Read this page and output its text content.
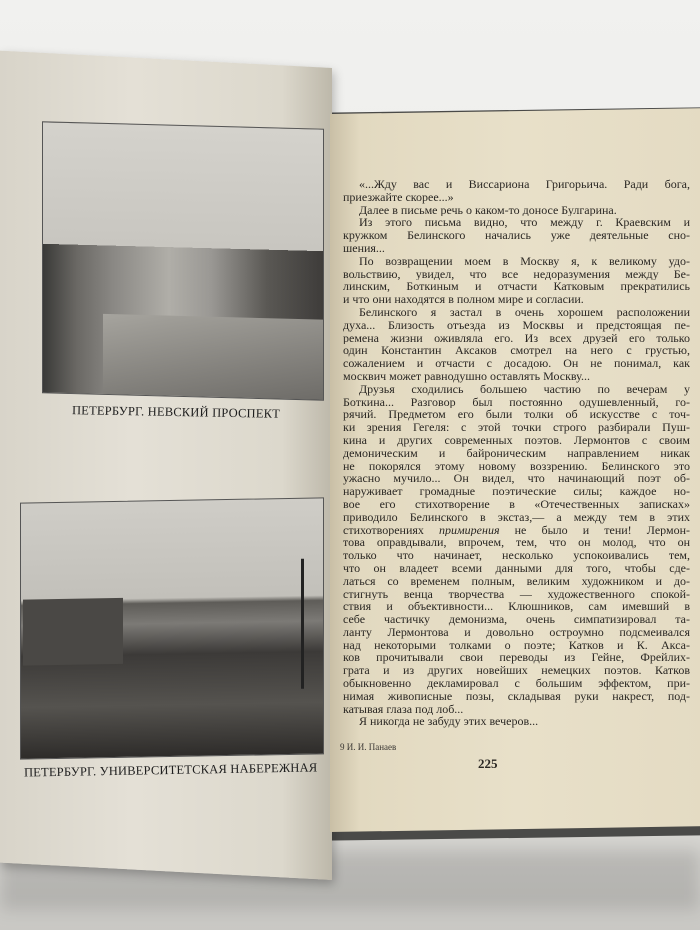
ПЕТЕРБУРГ. НЕВСКИЙ ПРОСПЕКТ
ПЕТЕРБУРГ. УНИВЕРСИТЕТСКАЯ НАБЕРЕЖНАЯ
«...Жду вас и Виссариона Григорьича. Ради бога,
приезжайте скорее...»
Далее в письме речь о каком-то доносе Булгарина.
Из этого письма видно, что между г. Краевским и
кружком Белинского начались уже деятельные сно-
шения...
По возвращении моем в Москву я, к великому удо-
вольствию, увидел, что все недоразумения между Бе-
линским, Боткиным и отчасти Катковым прекратились
и что они находятся в полном мире и согласии.
Белинского я застал в очень хорошем расположении
духа... Близость отъезда из Москвы и предстоящая пе-
ремена жизни оживляла его. Из всех друзей его только
один Константин Аксаков смотрел на него с грустью,
сожалением и отчасти с досадою. Он не понимал, как
москвич может равнодушно оставлять Москву...
Друзья сходились большею частию по вечерам у
Боткина... Разговор был постоянно одушевленный, го-
рячий. Предметом его были толки об искусстве с точ-
ки зрения Гегеля: с этой точки строго разбирали Пуш-
кина и других современных поэтов. Лермонтов с своим
демоническим и байроническим направлением никак
не покорялся этому новому воззрению. Белинского это
ужасно мучило... Он видел, что начинающий поэт об-
наруживает громадные поэтические силы; каждое но-
вое его стихотворение в «Отечественных записках»
приводило Белинского в экстаз,— а между тем в этих
стихотворениях примирения не было и тени! Лермон-
това оправдывали, впрочем, тем, что он молод, что он
только что начинает, несколько успокоивались тем,
что он владеет всеми данными для того, чтобы сде-
латься со временем полным, великим художником и до-
стигнуть венца творчества — художественного спокой-
ствия и объективности... Клюшников, сам имевший в
себе частичку демонизма, очень симпатизировал та-
ланту Лермонтова и довольно остроумно подсмеивался
над некоторыми толками о поэте; Катков и К. Акса-
ков прочитывали свои переводы из Гейне, Фрейлих-
грата и из других новейших немецких поэтов. Катков
обыкновенно декламировал с большим эффектом, при-
нимая живописные позы, складывая руки накрест, под-
катывая глаза под лоб...
Я никогда не забуду этих вечеров...
9 И. И. Панаев
225
